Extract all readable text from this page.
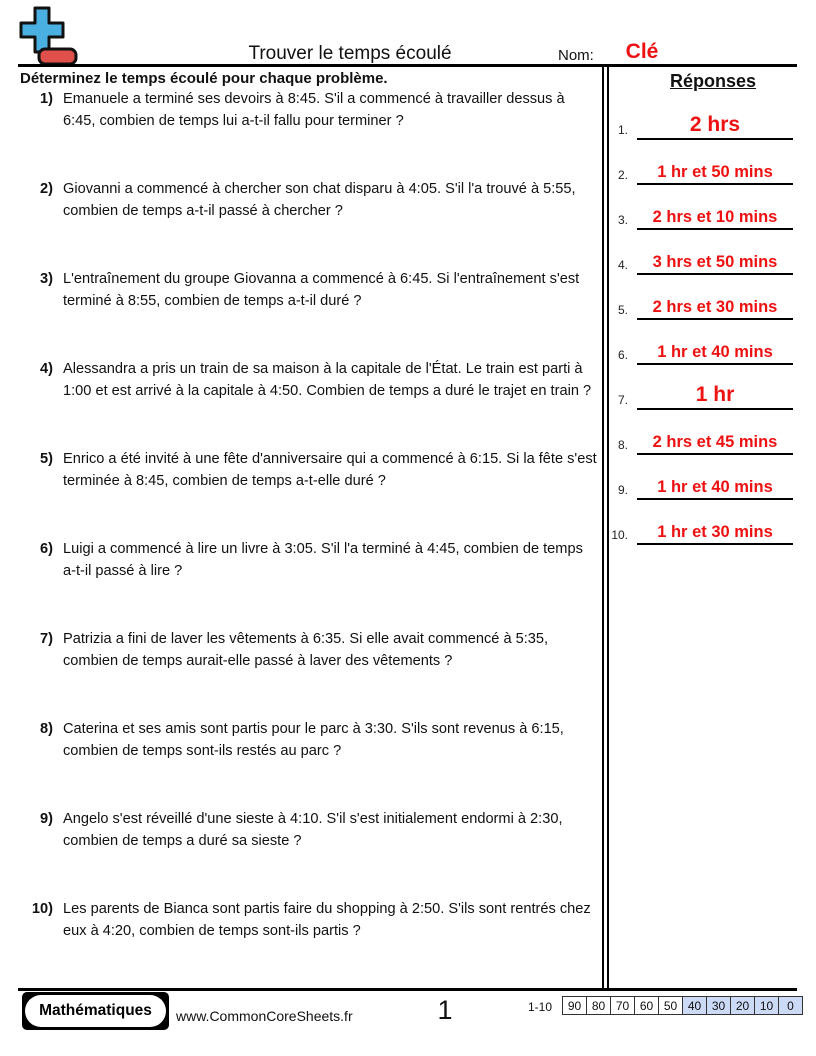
Trouver le temps écoulé	Nom:	Clé
Déterminez le temps écoulé pour chaque problème.	Réponses
1) Emanuele a terminé ses devoirs à 8:45. S'il a commencé à travailler dessus à 6:45, combien de temps lui a-t-il fallu pour terminer ?
2) Giovanni a commencé à chercher son chat disparu à 4:05. S'il l'a trouvé à 5:55, combien de temps a-t-il passé à chercher ?
3) L'entraînement du groupe Giovanna a commencé à 6:45. Si l'entraînement s'est terminé à 8:55, combien de temps a-t-il duré ?
4) Alessandra a pris un train de sa maison à la capitale de l'État. Le train est parti à 1:00 et est arrivé à la capitale à 4:50. Combien de temps a duré le trajet en train ?
5) Enrico a été invité à une fête d'anniversaire qui a commencé à 6:15. Si la fête s'est terminée à 8:45, combien de temps a-t-elle duré ?
6) Luigi a commencé à lire un livre à 3:05. S'il l'a terminé à 4:45, combien de temps a-t-il passé à lire ?
7) Patrizia a fini de laver les vêtements à 6:35. Si elle avait commencé à 5:35, combien de temps aurait-elle passé à laver des vêtements ?
8) Caterina et ses amis sont partis pour le parc à 3:30. S'ils sont revenus à 6:15, combien de temps sont-ils restés au parc ?
9) Angelo s'est réveillé d'une sieste à 4:10. S'il s'est initialement endormi à 2:30, combien de temps a duré sa sieste ?
10) Les parents de Bianca sont partis faire du shopping à 2:50. S'ils sont rentrés chez eux à 4:20, combien de temps sont-ils partis ?
1.	2 hrs
2. 1 hr et 50 mins
3. 2 hrs et 10 mins
4. 3 hrs et 50 mins
5. 2 hrs et 30 mins
6. 1 hr et 40 mins
7.	1 hr
8. 2 hrs et 45 mins
9. 1 hr et 40 mins
10. 1 hr et 30 mins
Mathématiques	www.CommonCoreSheets.fr	1	1-10	90 80 70 60 50 40 30 20 10	0
